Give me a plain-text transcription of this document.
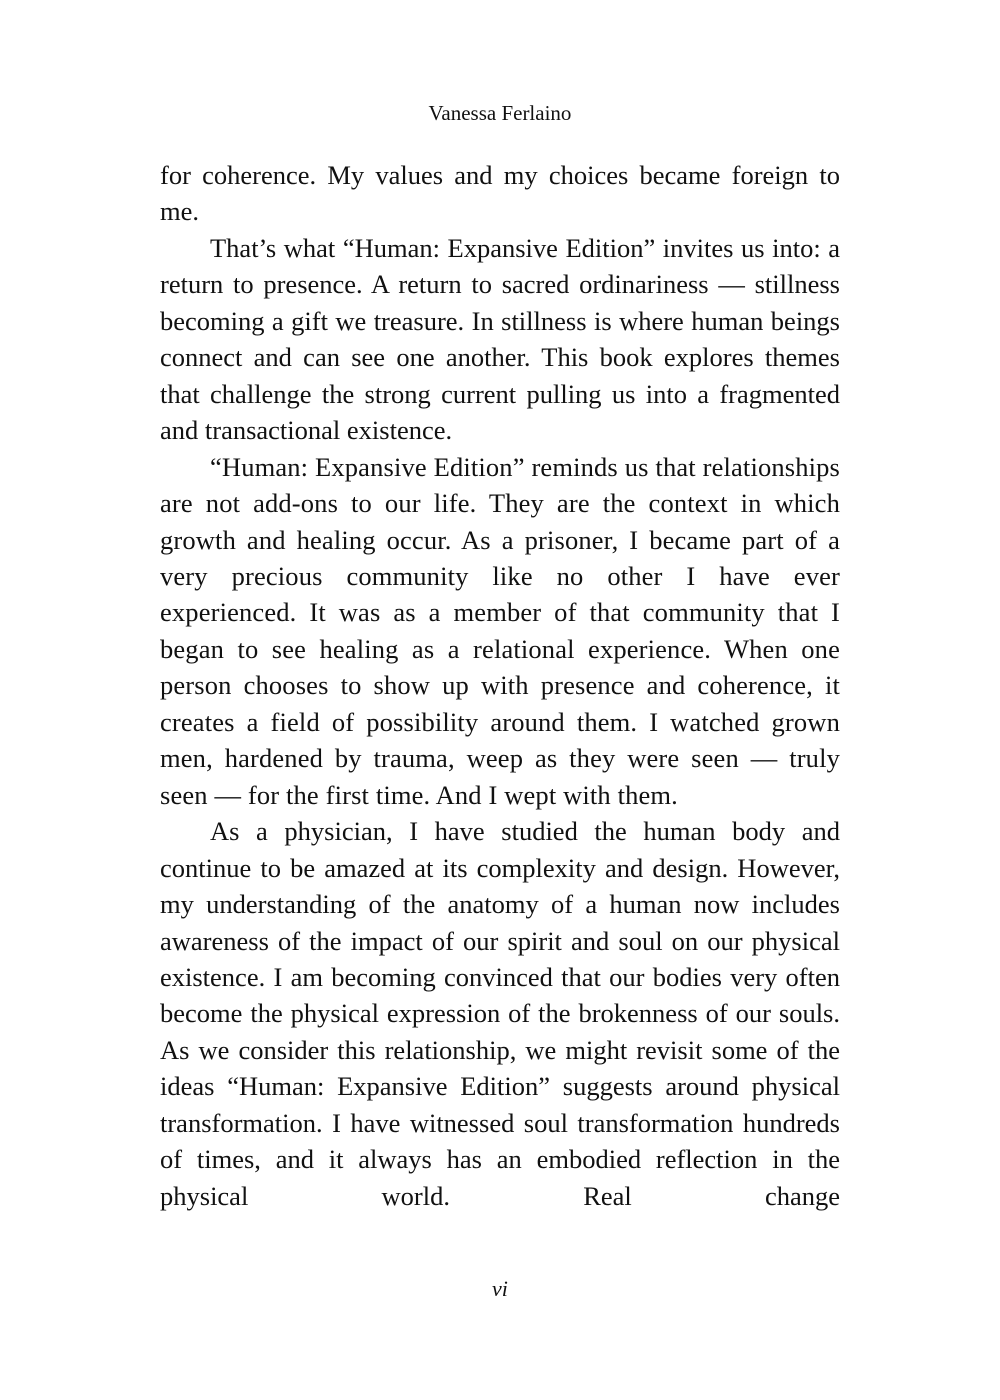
Vanessa Ferlaino

for coherence. My values and my choices became foreign to me.

That’s what “Human: Expansive Edition” invites us into: a return to presence. A return to sacred ordinariness — stillness becoming a gift we treasure. In stillness is where human beings connect and can see one another. This book explores themes that challenge the strong current pulling us into a fragmented and transactional existence.

“Human: Expansive Edition” reminds us that relationships are not add-ons to our life. They are the context in which growth and healing occur. As a prisoner, I became part of a very precious community like no other I have ever experienced. It was as a member of that community that I began to see healing as a relational experience. When one person chooses to show up with presence and coherence, it creates a field of possibility around them. I watched grown men, hardened by trauma, weep as they were seen — truly seen — for the first time. And I wept with them.

As a physician, I have studied the human body and continue to be amazed at its complexity and design. However, my understanding of the anatomy of a human now includes awareness of the impact of our spirit and soul on our physical existence. I am becoming convinced that our bodies very often become the physical expression of the brokenness of our souls. As we consider this relationship, we might revisit some of the ideas “Human: Expansive Edition” suggests around physical transformation. I have witnessed soul transformation hundreds of times, and it always has an embodied reflection in the physical world. Real change

vi
